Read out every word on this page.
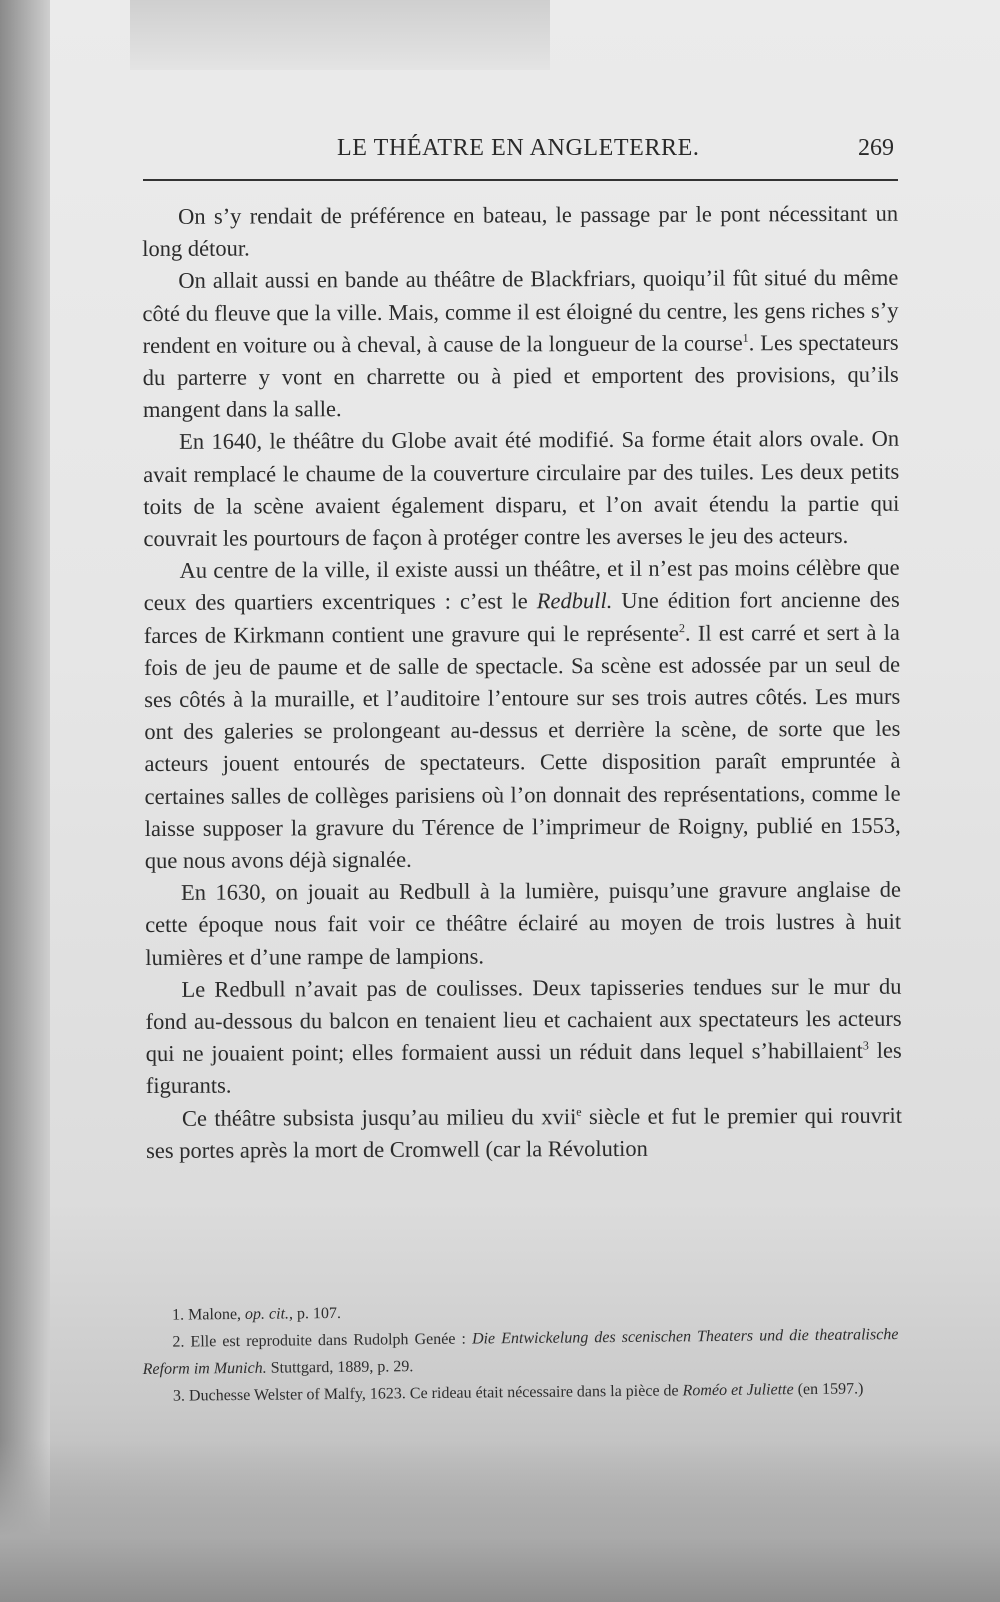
LE THÉATRE EN ANGLETERRE.	269

On s’y rendait de préférence en bateau, le passage par le pont nécessitant un long détour.

On allait aussi en bande au théâtre de Blackfriars, quoiqu’il fût situé du même côté du fleuve que la ville. Mais, comme il est éloigné du centre, les gens riches s’y rendent en voiture ou à cheval, à cause de la longueur de la course$^1$. Les spectateurs du parterre y vont en charrette ou à pied et emportent des provisions, qu’ils mangent dans la salle.

En 1640, le théâtre du Globe avait été modifié. Sa forme était alors ovale. On avait remplacé le chaume de la couverture circulaire par des tuiles. Les deux petits toits de la scène avaient également disparu, et l’on avait étendu la partie qui couvrait les pourtours de façon à protéger contre les averses le jeu des acteurs.

Au centre de la ville, il existe aussi un théâtre, et il n’est pas moins célèbre que ceux des quartiers excentriques : c’est le Redbull. Une édition fort ancienne des farces de Kirkmann contient une gravure qui le représente$^2$. Il est carré et sert à la fois de jeu de paume et de salle de spectacle. Sa scène est adossée par un seul de ses côtés à la muraille, et l’auditoire l’entoure sur ses trois autres côtés. Les murs ont des galeries se prolongeant au-dessus et derrière la scène, de sorte que les acteurs jouent entourés de spectateurs. Cette disposition paraît empruntée à certaines salles de collèges parisiens où l’on donnait des représentations, comme le laisse supposer la gravure du Térence de l’imprimeur de Roigny, publié en 1553, que nous avons déjà signalée.

En 1630, on jouait au Redbull à la lumière, puisqu’une gravure anglaise de cette époque nous fait voir ce théâtre éclairé au moyen de trois lustres à huit lumières et d’une rampe de lampions.

Le Redbull n’avait pas de coulisses. Deux tapisseries tendues sur le mur du fond au-dessous du balcon en tenaient lieu et cachaient aux spectateurs les acteurs qui ne jouaient point; elles formaient aussi un réduit dans lequel s’habillaient$^3$ les figurants.

Ce théâtre subsista jusqu’au milieu du xvii$^e$ siècle et fut le premier qui rouvrit ses portes après la mort de Cromwell (car la Révolution

1. Malone, op. cit., p. 107.

2. Elle est reproduite dans Rudolph Genée : Die Entwickelung des scenischen Theaters und die theatralische Reform im Munich. Stuttgard, 1889, p. 29.

3. Duchesse Welster of Malfy, 1623. Ce rideau était nécessaire dans la pièce de Roméo et Juliette (en 1597.)
